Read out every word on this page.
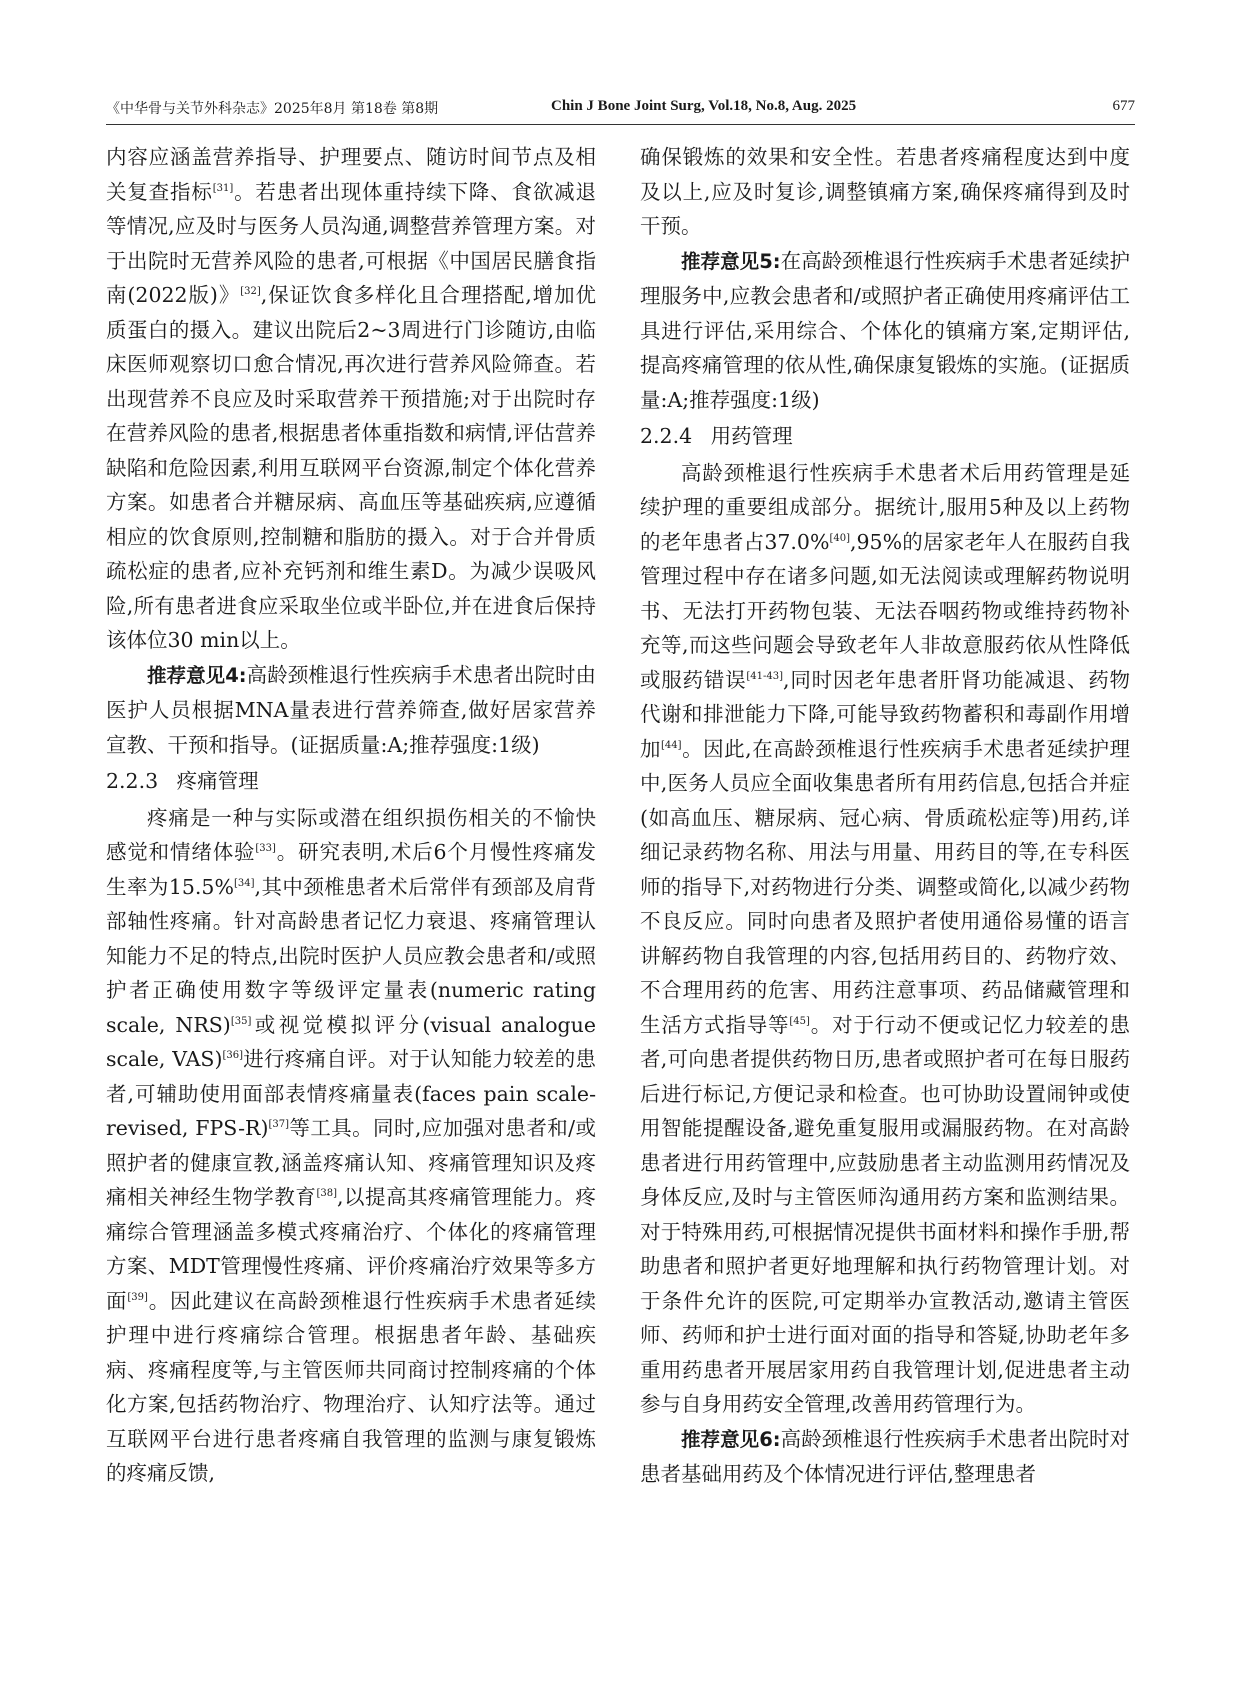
《中华骨与关节外科杂志》2025年8月 第18卷 第8期	Chin J Bone Joint Surg, Vol.18, No.8, Aug. 2025	677

内容应涵盖营养指导、护理要点、随访时间节点及相关复查指标[31]。若患者出现体重持续下降、食欲减退等情况,应及时与医务人员沟通,调整营养管理方案。对于出院时无营养风险的患者,可根据《中国居民膳食指南(2022版)》[32],保证饮食多样化且合理搭配,增加优质蛋白的摄入。建议出院后2~3周进行门诊随访,由临床医师观察切口愈合情况,再次进行营养风险筛查。若出现营养不良应及时采取营养干预措施;对于出院时存在营养风险的患者,根据患者体重指数和病情,评估营养缺陷和危险因素,利用互联网平台资源,制定个体化营养方案。如患者合并糖尿病、高血压等基础疾病,应遵循相应的饮食原则,控制糖和脂肪的摄入。对于合并骨质疏松症的患者,应补充钙剂和维生素D。为减少误吸风险,所有患者进食应采取坐位或半卧位,并在进食后保持该体位30 min以上。

推荐意见4:高龄颈椎退行性疾病手术患者出院时由医护人员根据MNA量表进行营养筛查,做好居家营养宣教、干预和指导。(证据质量:A;推荐强度:1级)

2.2.3 疼痛管理

疼痛是一种与实际或潜在组织损伤相关的不愉快感觉和情绪体验[33]。研究表明,术后6个月慢性疼痛发生率为15.5%[34],其中颈椎患者术后常伴有颈部及肩背部轴性疼痛。针对高龄患者记忆力衰退、疼痛管理认知能力不足的特点,出院时医护人员应教会患者和/或照护者正确使用数字等级评定量表(numeric rating scale, NRS)[35]或视觉模拟评分(visual analogue scale, VAS)[36]进行疼痛自评。对于认知能力较差的患者,可辅助使用面部表情疼痛量表(faces pain scale-revised, FPS-R)[37]等工具。同时,应加强对患者和/或照护者的健康宣教,涵盖疼痛认知、疼痛管理知识及疼痛相关神经生物学教育[38],以提高其疼痛管理能力。疼痛综合管理涵盖多模式疼痛治疗、个体化的疼痛管理方案、MDT管理慢性疼痛、评价疼痛治疗效果等多方面[39]。因此建议在高龄颈椎退行性疾病手术患者延续护理中进行疼痛综合管理。根据患者年龄、基础疾病、疼痛程度等,与主管医师共同商讨控制疼痛的个体化方案,包括药物治疗、物理治疗、认知疗法等。通过互联网平台进行患者疼痛自我管理的监测与康复锻炼的疼痛反馈,

确保锻炼的效果和安全性。若患者疼痛程度达到中度及以上,应及时复诊,调整镇痛方案,确保疼痛得到及时干预。

推荐意见5:在高龄颈椎退行性疾病手术患者延续护理服务中,应教会患者和/或照护者正确使用疼痛评估工具进行评估,采用综合、个体化的镇痛方案,定期评估,提高疼痛管理的依从性,确保康复锻炼的实施。(证据质量:A;推荐强度:1级)

2.2.4 用药管理

高龄颈椎退行性疾病手术患者术后用药管理是延续护理的重要组成部分。据统计,服用5种及以上药物的老年患者占37.0%[40],95%的居家老年人在服药自我管理过程中存在诸多问题,如无法阅读或理解药物说明书、无法打开药物包装、无法吞咽药物或维持药物补充等,而这些问题会导致老年人非故意服药依从性降低或服药错误[41-43],同时因老年患者肝肾功能减退、药物代谢和排泄能力下降,可能导致药物蓄积和毒副作用增加[44]。因此,在高龄颈椎退行性疾病手术患者延续护理中,医务人员应全面收集患者所有用药信息,包括合并症(如高血压、糖尿病、冠心病、骨质疏松症等)用药,详细记录药物名称、用法与用量、用药目的等,在专科医师的指导下,对药物进行分类、调整或简化,以减少药物不良反应。同时向患者及照护者使用通俗易懂的语言讲解药物自我管理的内容,包括用药目的、药物疗效、不合理用药的危害、用药注意事项、药品储藏管理和生活方式指导等[45]。对于行动不便或记忆力较差的患者,可向患者提供药物日历,患者或照护者可在每日服药后进行标记,方便记录和检查。也可协助设置闹钟或使用智能提醒设备,避免重复服用或漏服药物。在对高龄患者进行用药管理中,应鼓励患者主动监测用药情况及身体反应,及时与主管医师沟通用药方案和监测结果。对于特殊用药,可根据情况提供书面材料和操作手册,帮助患者和照护者更好地理解和执行药物管理计划。对于条件允许的医院,可定期举办宣教活动,邀请主管医师、药师和护士进行面对面的指导和答疑,协助老年多重用药患者开展居家用药自我管理计划,促进患者主动参与自身用药安全管理,改善用药管理行为。

推荐意见6:高龄颈椎退行性疾病手术患者出院时对患者基础用药及个体情况进行评估,整理患者
